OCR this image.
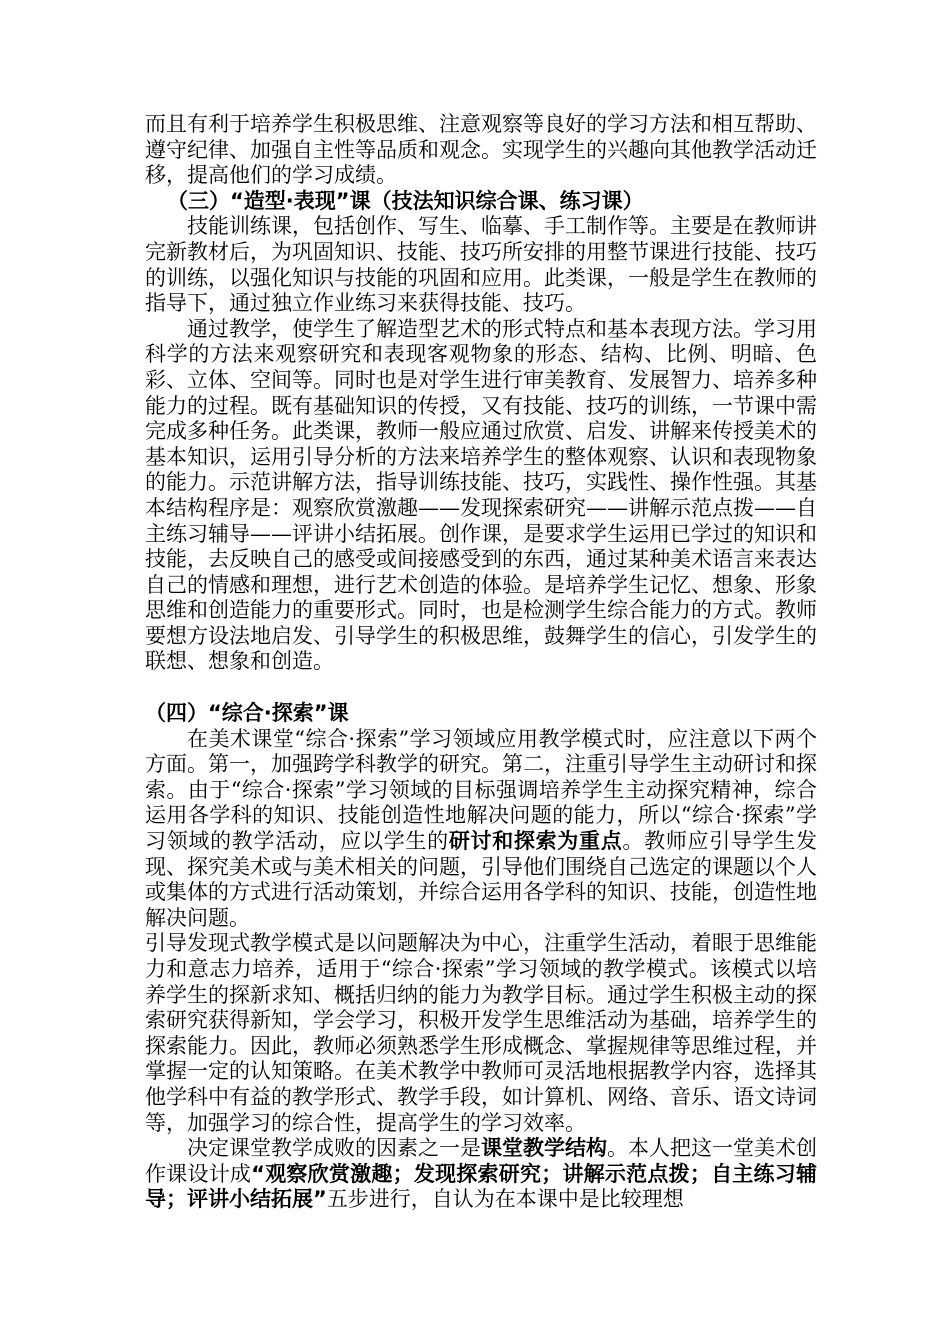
而且有利于培养学生积极思维、注意观察等良好的学习方法和相互帮助、遵守纪律、加强自主性等品质和观念。实现学生的兴趣向其他教学活动迁移，提高他们的学习成绩。

（三）“造型·表现”课（技法知识综合课、练习课）

技能训练课，包括创作、写生、临摹、手工制作等。主要是在教师讲完新教材后，为巩固知识、技能、技巧所安排的用整节课进行技能、技巧的训练，以强化知识与技能的巩固和应用。此类课，一般是学生在教师的指导下，通过独立作业练习来获得技能、技巧。

通过教学，使学生了解造型艺术的形式特点和基本表现方法。学习用科学的方法来观察研究和表现客观物象的形态、结构、比例、明暗、色彩、立体、空间等。同时也是对学生进行审美教育、发展智力、培养多种能力的过程。既有基础知识的传授，又有技能、技巧的训练，一节课中需完成多种任务。此类课，教师一般应通过欣赏、启发、讲解来传授美术的基本知识，运用引导分析的方法来培养学生的整体观察、认识和表现物象的能力。示范讲解方法，指导训练技能、技巧，实践性、操作性强。其基本结构程序是：观察欣赏激趣——发现探索研究——讲解示范点拨——自主练习辅导——评讲小结拓展。创作课，是要求学生运用已学过的知识和技能，去反映自己的感受或间接感受到的东西，通过某种美术语言来表达自己的情感和理想，进行艺术创造的体验。是培养学生记忆、想象、形象思维和创造能力的重要形式。同时，也是检测学生综合能力的方式。教师要想方设法地启发、引导学生的积极思维，鼓舞学生的信心，引发学生的联想、想象和创造。

（四）“综合·探索”课

在美术课堂“综合·探索”学习领域应用教学模式时，应注意以下两个方面。第一，加强跨学科教学的研究。第二，注重引导学生主动研讨和探索。由于“综合·探索”学习领域的目标强调培养学生主动探究精神，综合运用各学科的知识、技能创造性地解决问题的能力，所以“综合·探索”学习领域的教学活动，应以学生的研讨和探索为重点。教师应引导学生发现、探究美术或与美术相关的问题，引导他们围绕自己选定的课题以个人或集体的方式进行活动策划，并综合运用各学科的知识、技能，创造性地解决问题。

引导发现式教学模式是以问题解决为中心，注重学生活动，着眼于思维能力和意志力培养，适用于“综合·探索”学习领域的教学模式。该模式以培养学生的探新求知、概括归纳的能力为教学目标。通过学生积极主动的探索研究获得新知，学会学习，积极开发学生思维活动为基础，培养学生的探索能力。因此，教师必须熟悉学生形成概念、掌握规律等思维过程，并掌握一定的认知策略。在美术教学中教师可灵活地根据教学内容，选择其他学科中有益的教学形式、教学手段，如计算机、网络、音乐、语文诗词等，加强学习的综合性，提高学生的学习效率。

决定课堂教学成败的因素之一是课堂教学结构。本人把这一堂美术创作课设计成“观察欣赏激趣；发现探索研究；讲解示范点拨；自主练习辅导；评讲小结拓展”五步进行，自认为在本课中是比较理想
